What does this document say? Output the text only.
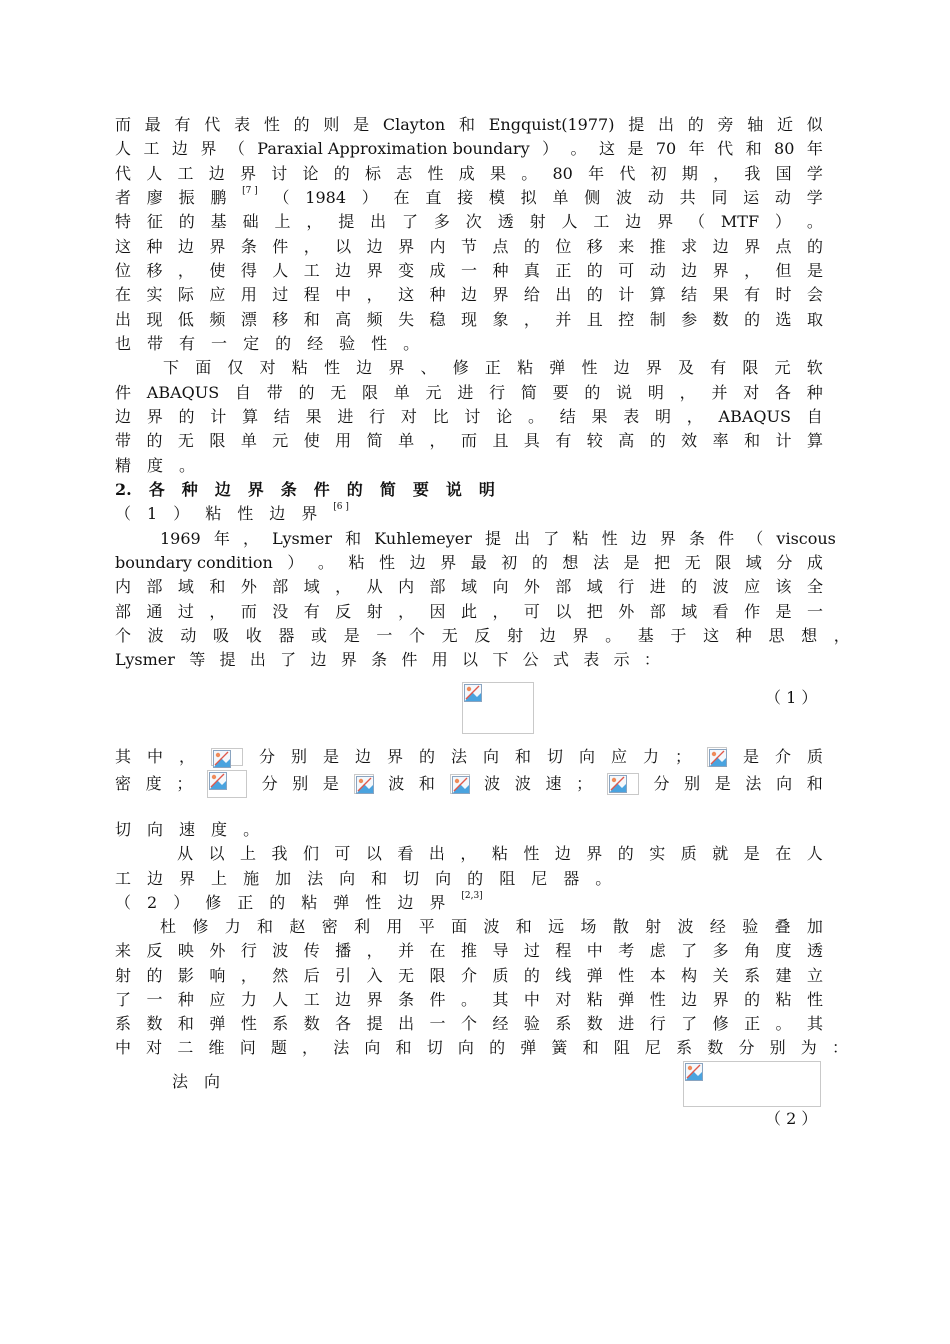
而 最 有 代 表 性 的 则 是 Clayton 和 Engquist(1977) 提 出 的 旁 轴 近 似
人 工 边 界 （ Paraxial Approximation boundary ） 。 这 是 70 年 代 和 80 年
代 人 工 边 界 讨 论 的 标 志 性 成 果 。 80 年 代 初 期 ， 我 国 学
者 廖 振 鹏 [7 ] （ 1984 ） 在 直 接 模 拟 单 侧 波 动 共 同 运 动 学
特 征 的 基 础 上 ， 提 出 了 多 次 透 射 人 工 边 界 （ MTF ） 。
这 种 边 界 条 件 ， 以 边 界 内 节 点 的 位 移 来 推 求 边 界 点 的
位 移 ， 使 得 人 工 边 界 变 成 一 种 真 正 的 可 动 边 界 ， 但 是
在 实 际 应 用 过 程 中 ， 这 种 边 界 给 出 的 计 算 结 果 有 时 会
出 现 低 频 漂 移 和 高 频 失 稳 现 象 ， 并 且 控 制 参 数 的 选 取
也 带 有 一 定 的 经 验 性 。
下 面 仅 对 粘 性 边 界 、 修 正 粘 弹 性 边 界 及 有 限 元 软
件 ABAQUS 自 带 的 无 限 单 元 进 行 简 要 的 说 明 ， 并 对 各 种
边 界 的 计 算 结 果 进 行 对 比 讨 论 。 结 果 表 明 ， ABAQUS 自
带 的 无 限 单 元 使 用 简 单 ， 而 且 具 有 较 高 的 效 率 和 计 算
精 度 。
2. 各 种 边 界 条 件 的 简 要 说 明
（ 1 ） 粘 性 边 界 [6 ]
1969 年 ， Lysmer 和 Kuhlemeyer 提 出 了 粘 性 边 界 条 件 （ viscous
boundary condition ） 。 粘 性 边 界 最 初 的 想 法 是 把 无 限 域 分 成
内 部 域 和 外 部 域 ， 从 内 部 域 向 外 部 域 行 进 的 波 应 该 全
部 通 过 ， 而 没 有 反 射 ， 因 此 ， 可 以 把 外 部 域 看 作 是 一
个 波 动 吸 收 器 或 是 一 个 无 反 射 边 界 。 基 于 这 种 思 想 ，
Lysmer 等 提 出 了 边 界 条 件 用 以 下 公 式 表 示 ：
（ 1 ）
其 中 ，	分 别 是 边 界 的 法 向 和 切 向 应 力 ；	是 介 质
密 度 ；	分 别 是	波 和	波 波 速 ；	分 别 是 法 向 和
切 向 速 度 。
从 以 上 我 们 可 以 看 出 ， 粘 性 边 界 的 实 质 就 是 在 人
工 边 界 上 施 加 法 向 和 切 向 的 阻 尼 器 。
（ 2 ） 修 正 的 粘 弹 性 边 界 [2,3]
杜 修 力 和 赵 密 利 用 平 面 波 和 远 场 散 射 波 经 验 叠 加
来 反 映 外 行 波 传 播 ， 并 在 推 导 过 程 中 考 虑 了 多 角 度 透
射 的 影 响 ， 然 后 引 入 无 限 介 质 的 线 弹 性 本 构 关 系 建 立
了 一 种 应 力 人 工 边 界 条 件 。 其 中 对 粘 弹 性 边 界 的 粘 性
系 数 和 弹 性 系 数 各 提 出 一 个 经 验 系 数 进 行 了 修 正 。 其
中 对 二 维 问 题 ， 法 向 和 切 向 的 弹 簧 和 阻 尼 系 数 分 别 为 ：
法 向
（ 2 ）
